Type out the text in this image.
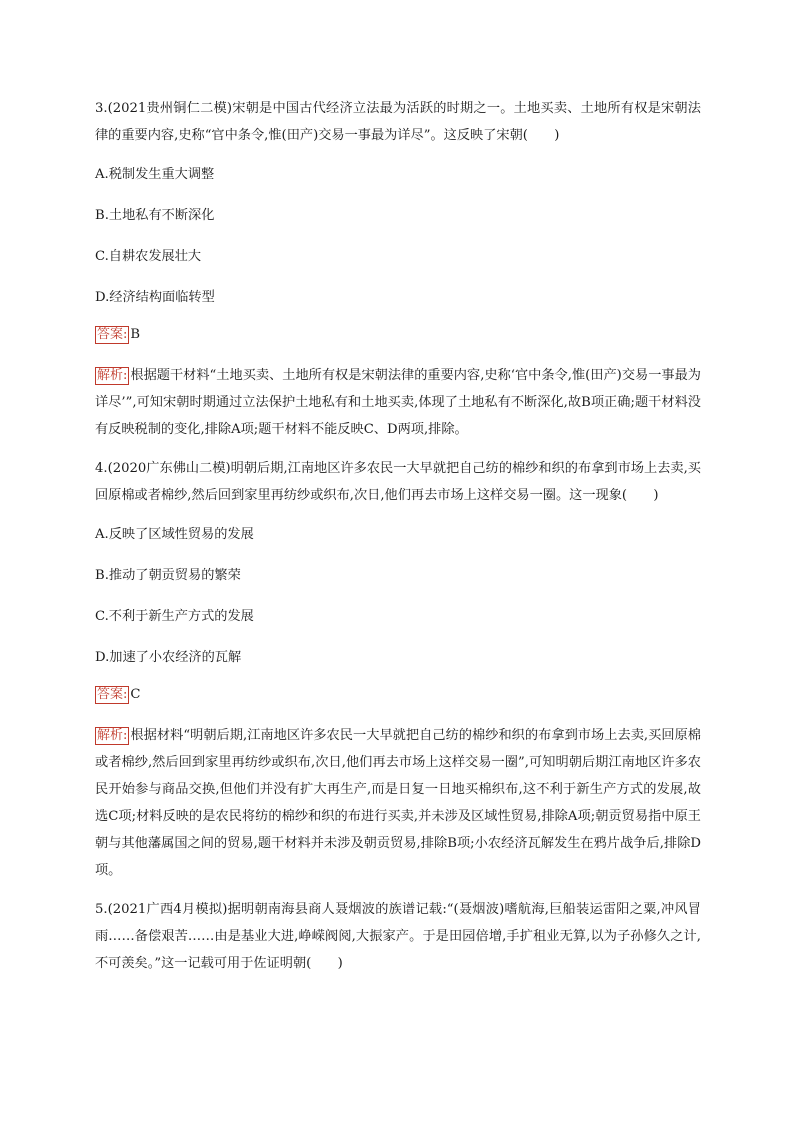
3.(2021贵州铜仁二模)宋朝是中国古代经济立法最为活跃的时期之一。土地买卖、土地所有权是宋朝法律的重要内容,史称“官中条令,惟(田产)交易一事最为详尽”。这反映了宋朝(　　)

A.税制发生重大调整

B.土地私有不断深化

C.自耕农发展壮大

D.经济结构面临转型

答案: B

解析: 根据题干材料“土地买卖、土地所有权是宋朝法律的重要内容,史称‘官中条令,惟(田产)交易一事最为详尽’”,可知宋朝时期通过立法保护土地私有和土地买卖,体现了土地私有不断深化,故B项正确;题干材料没有反映税制的变化,排除A项;题干材料不能反映C、D两项,排除。

4.(2020广东佛山二模)明朝后期,江南地区许多农民一大早就把自己纺的棉纱和织的布拿到市场上去卖,买回原棉或者棉纱,然后回到家里再纺纱或织布,次日,他们再去市场上这样交易一圈。这一现象(　　)

A.反映了区域性贸易的发展

B.推动了朝贡贸易的繁荣

C.不利于新生产方式的发展

D.加速了小农经济的瓦解

答案: C

解析: 根据材料“明朝后期,江南地区许多农民一大早就把自己纺的棉纱和织的布拿到市场上去卖,买回原棉或者棉纱,然后回到家里再纺纱或织布,次日,他们再去市场上这样交易一圈”,可知明朝后期江南地区许多农民开始参与商品交换,但他们并没有扩大再生产,而是日复一日地买棉织布,这不利于新生产方式的发展,故选C项;材料反映的是农民将纺的棉纱和织的布进行买卖,并未涉及区域性贸易,排除A项;朝贡贸易指中原王朝与其他藩属国之间的贸易,题干材料并未涉及朝贡贸易,排除B项;小农经济瓦解发生在鸦片战争后,排除D项。

5.(2021广西4月模拟)据明朝南海县商人聂烟波的族谱记载:“(聂烟波)嗜航海,巨船装运雷阳之粟,冲风冒雨……备偿艰苦……由是基业大进,峥嵘阀阅,大振家产。于是田园倍增,手扩租业无算,以为子孙修久之计,不可羡矣。”这一记载可用于佐证明朝(　　)
